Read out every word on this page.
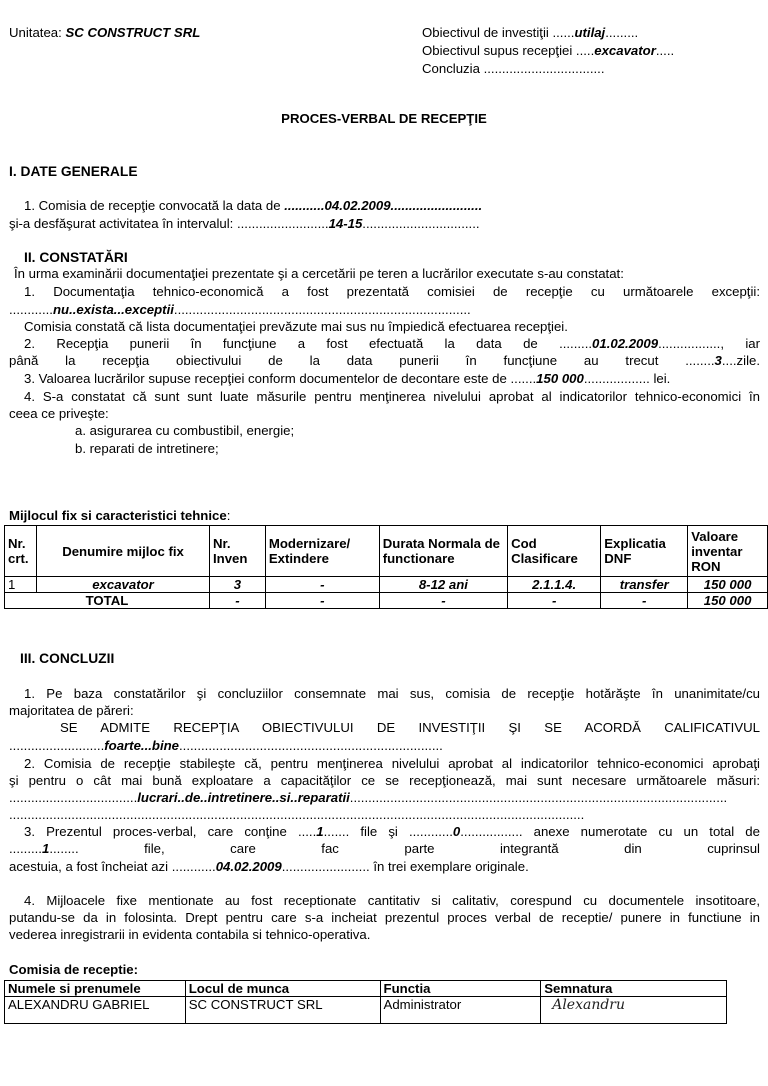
Unitatea: SC CONSTRUCT SRL	Obiectivul de investiţii ......utilaj.........
Obiectivul supus recepţiei .....excavator.....
Concluzia .................................
PROCES-VERBAL DE RECEPŢIE
I. DATE GENERALE
1. Comisia de recepţie convocată la data de ...........04.02.2009.........................
şi-a desfăşurat activitatea în intervalul: .........................14-15................................
II. CONSTATĂRI
În urma examinării documentaţiei prezentate şi a cercetării pe teren a lucrărilor executate s-au constatat:
1. Documentaţia tehnico-economică a fost prezentată comisiei de recepţie cu următoarele excepţii:
............nu..exista...exceptii.................................................................................
Comisia constată că lista documentaţiei prevăzute mai sus nu împiedică efectuarea recepţiei.
2. Recepţia punerii în funcţiune a fost efectuată la data de .........01.02.2009................., iar
până la recepţia obiectivului de la data punerii în funcţiune au trecut ........3....zile.
3. Valoarea lucrărilor supuse recepţiei conform documentelor de decontare este de .......150 000.................. lei.
4. S-a constatat că sunt sunt luate măsurile pentru menţinerea nivelului aprobat al indicatorilor tehnico-economici în
ceea ce priveşte:
a. asigurarea cu combustibil, energie;
b. reparati de intretinere;
Mijlocul fix si caracteristici tehnice:
Nr. crt.	Denumire mijloc fix	Nr. Inven	Modernizare/ Extindere	Durata Normala de functionare	Cod Clasificare	Explicatia DNF	Valoare inventar RON
1	excavator	3	-	8-12 ani	2.1.1.4.	transfer	150 000
TOTAL		-	-	-	-	-	150 000
III. CONCLUZII
1. Pe baza constatărilor şi concluziilor consemnate mai sus, comisia de recepţie hotărăşte în unanimitate/cu
majoritatea de păreri:
SE ADMITE RECEPŢIA OBIECTIVULUI DE INVESTIŢII ŞI SE ACORDĂ CALIFICATIVUL
..........................foarte...bine........................................................................
2. Comisia de recepţie stabileşte că, pentru menţinerea nivelului aprobat al indicatorilor tehnico-economici aprobaţi
şi pentru o cât mai bună exploatare a capacităţilor ce se recepţionează, mai sunt necesare următoarele măsuri:
...................................lucrari..de..intretinere..si..reparatii.......................................................................................................
.............................................................................................................................................................
3. Prezentul proces-verbal, care conţine .....1....... file şi ............0................. anexe numerotate cu un total de
.........1........ file, care fac parte integrantă din cuprinsul
acestuia, a fost încheiat azi ............04.02.2009........................ în trei exemplare originale.
4. Mijloacele fixe mentionate au fost receptionate cantitativ si calitativ, corespund cu documentele insotitoare,
putandu-se da in folosinta. Drept pentru care s-a incheiat prezentul proces verbal de receptie/ punere in functiune in
vederea inregistrarii in evidenta contabila si tehnico-operativa.
Comisia de receptie:
Numele si prenumele	Locul de munca	Functia	Semnatura
ALEXANDRU GABRIEL	SC CONSTRUCT SRL	Administrator	Alexandru
